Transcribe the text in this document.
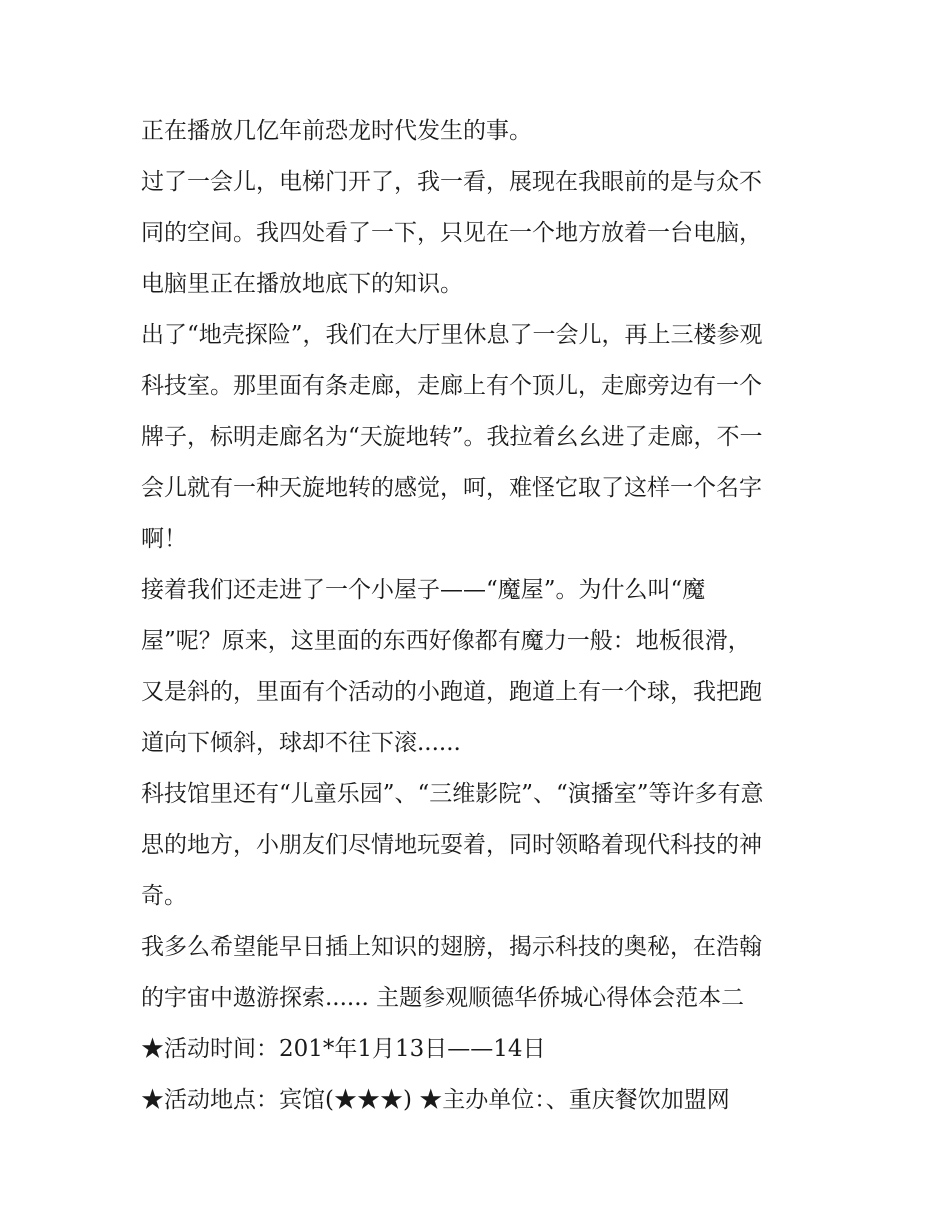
正在播放几亿年前恐龙时代发生的事。
过了一会儿，电梯门开了，我一看，展现在我眼前的是与众不
同的空间。我四处看了一下，只见在一个地方放着一台电脑，
电脑里正在播放地底下的知识。
出了“地壳探险”，我们在大厅里休息了一会儿，再上三楼参观
科技室。那里面有条走廊，走廊上有个顶儿，走廊旁边有一个
牌子，标明走廊名为“天旋地转”。我拉着幺幺进了走廊，不一
会儿就有一种天旋地转的感觉，呵，难怪它取了这样一个名字
啊！
接着我们还走进了一个小屋子——“魔屋”。为什么叫“魔
屋”呢？原来，这里面的东西好像都有魔力一般：地板很滑，
又是斜的，里面有个活动的小跑道，跑道上有一个球，我把跑
道向下倾斜，球却不往下滚......
科技馆里还有“儿童乐园”、“三维影院”、“演播室”等许多有意
思的地方，小朋友们尽情地玩耍着，同时领略着现代科技的神
奇。
我多么希望能早日插上知识的翅膀，揭示科技的奥秘，在浩翰
的宇宙中遨游探索...... 主题参观顺德华侨城心得体会范本二
★活动时间：201*年1月13日——14日
★活动地点：宾馆(★★★) ★主办单位：、重庆餐饮加盟网
